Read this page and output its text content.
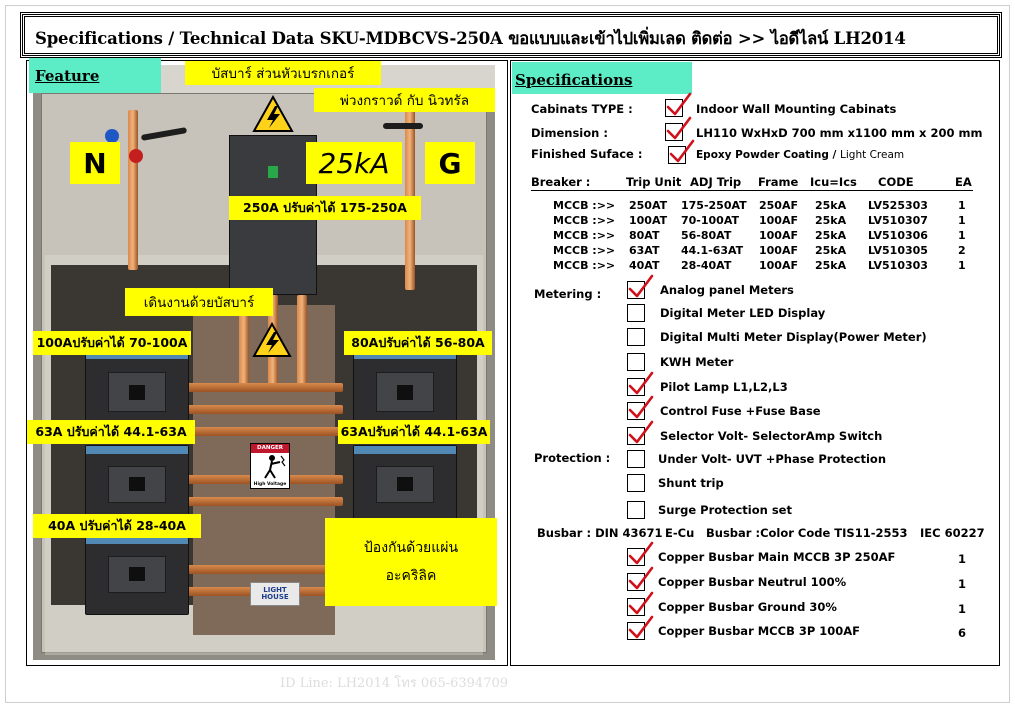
Specifications / Technical Data SKU-MDBCVS-250A ขอแบบและเข้าไปเพิ่มเลด ติดต่อ >> ไอดีไลน์ LH2014
DANGER
High Voltage
LIGHT
HOUSE
Feature	บัสบาร์ ส่วนหัวเบรกเกอร์
พ่วงกราวด์ กับ นิวทรัล
N	25kA	G
250A ปรับค่าได้ 175-250A
เดินงานด้วยบัสบาร์
100Aปรับค่าได้ 70-100A	80Aปรับค่าได้ 56-80A
63A ปรับค่าได้ 44.1-63A	63Aปรับค่าได้ 44.1-63A
40A ปรับค่าได้ 28-40A
ป้องกันด้วยแผ่น
อะคริลิค
Specifications
Cabinats TYPE :	Indoor Wall Mounting Cabinats
Dimension :	LH110 WxHxD 700 mm x1100 mm x 200 mm
Finished Suface :	Epoxy Powder Coating / Light Cream
Breaker :	Trip Unit ADJ Trip Frame Icu=Ics CODE	EA
MCCB :>> 250AT 175-250AT 250AF 25kA LV525303	1
MCCB :>> 100AT 70-100AT 100AF 25kA LV510307	1
MCCB :>> 80AT 56-80AT	100AF 25kA LV510306	1
MCCB :>> 63AT 44.1-63AT 100AF 25kA LV510305	2
MCCB :>> 40AT 28-40AT	100AF 25kA LV510303	1
Metering :	Analog panel Meters
Digital Meter LED Display
Digital Multi Meter Display(Power Meter)
KWH Meter
Pilot Lamp L1,L2,L3
Control Fuse +Fuse Base
Selector Volt- SelectorAmp Switch
Protection :	Under Volt- UVT +Phase Protection
Shunt trip
Surge Protection set
Busbar : DIN 43671 E-Cu Busbar :Color Code TIS11-2553 IEC 60227
Copper Busbar Main MCCB 3P 250AF	1
Copper Busbar Neutrul 100%	1
Copper Busbar Ground 30%	1
Copper Busbar MCCB 3P 100AF	6
ID Line: LH2014 โทร 065-6394709
